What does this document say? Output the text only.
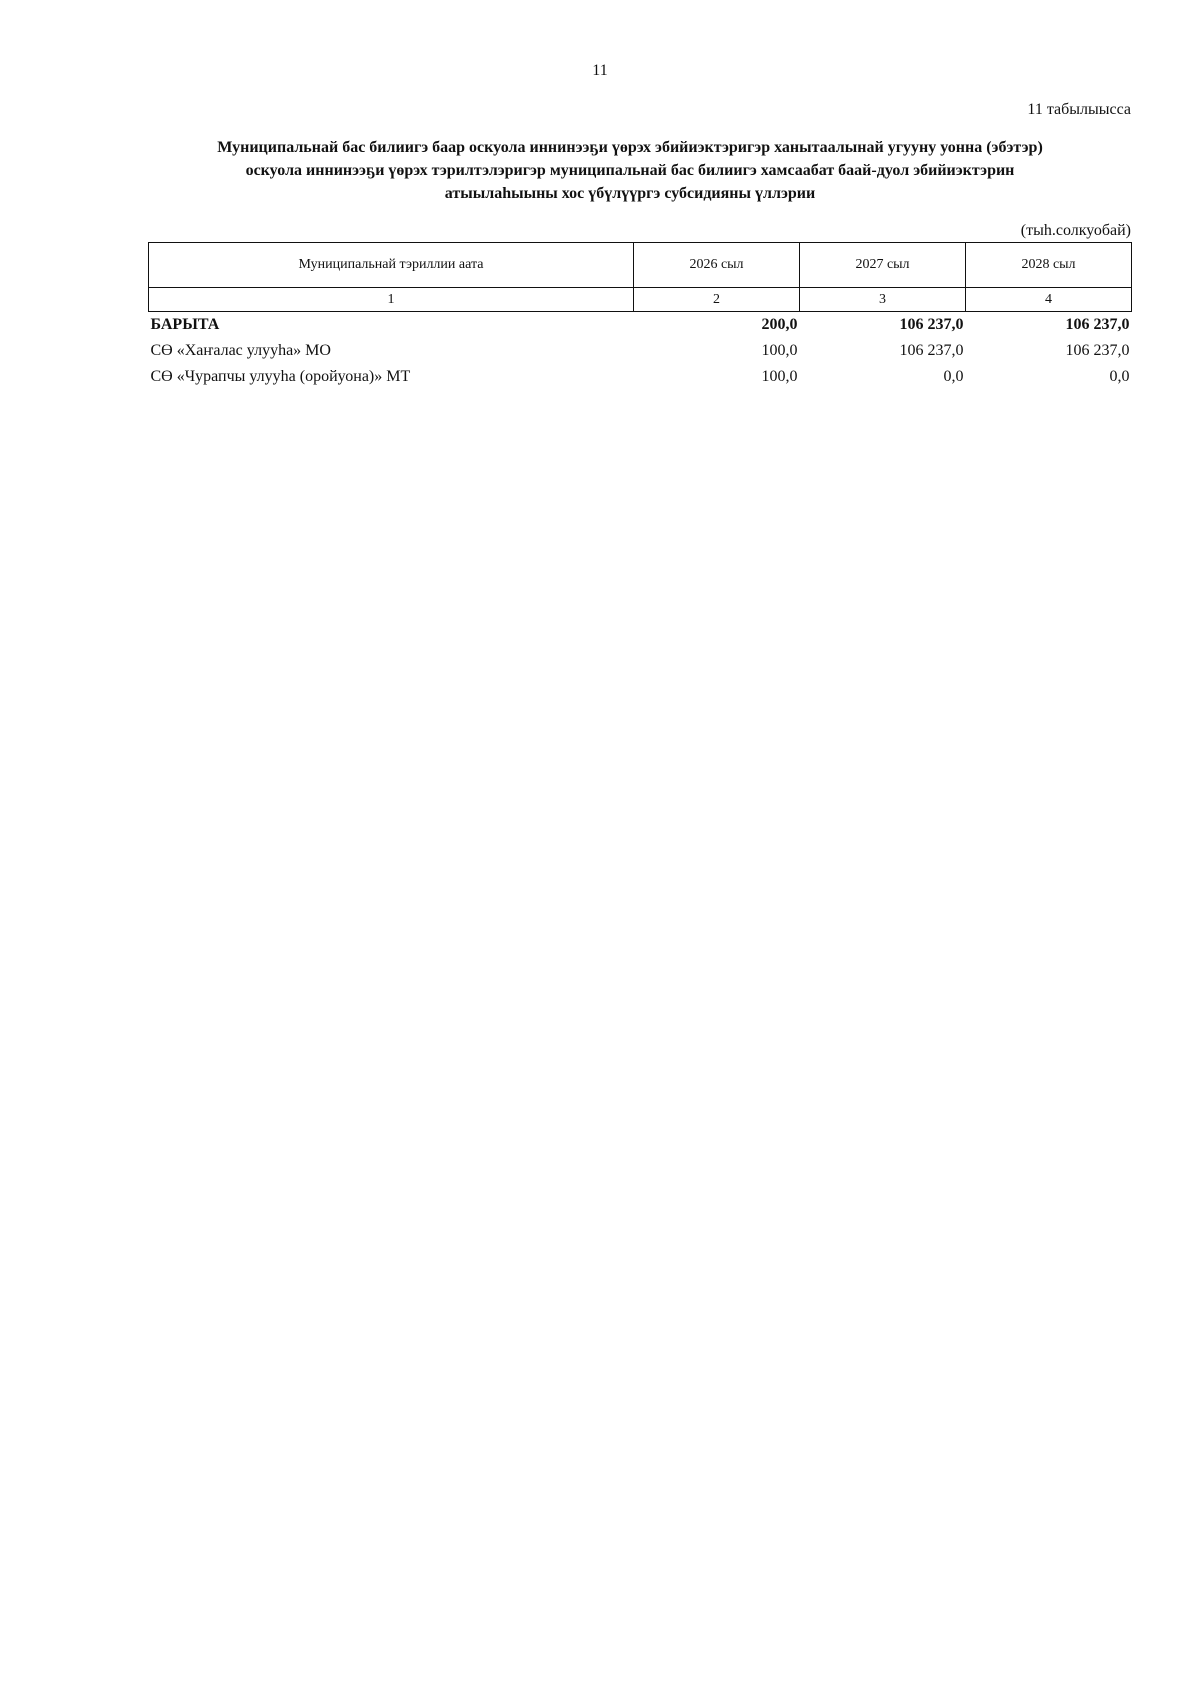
11
11 табылыысса
Муниципальнай бас билиигэ баар оскуола иннинээҕи үөрэх эбийиэктэригэр ханытаалынай угууну уонна (эбэтэр)
оскуола иннинээҕи үөрэх тэрилтэлэригэр муниципальнай бас билиигэ хамсаабат баай-дуол эбийиэктэрин
атыылаһыыны хос үбүлүүргэ субсидияны үллэрии
(тыһ.солкуобай)
Муниципальнай тэриллии аата	2026 сыл	2027 сыл	2028 сыл
1	2	3	4
БАРЫТА	200,0	106 237,0	106 237,0
СӨ «Хаҥалас улууһа» МО	100,0	106 237,0	106 237,0
СӨ «Чурапчы улууһа (оройуона)» МТ	100,0	0,0	0,0
